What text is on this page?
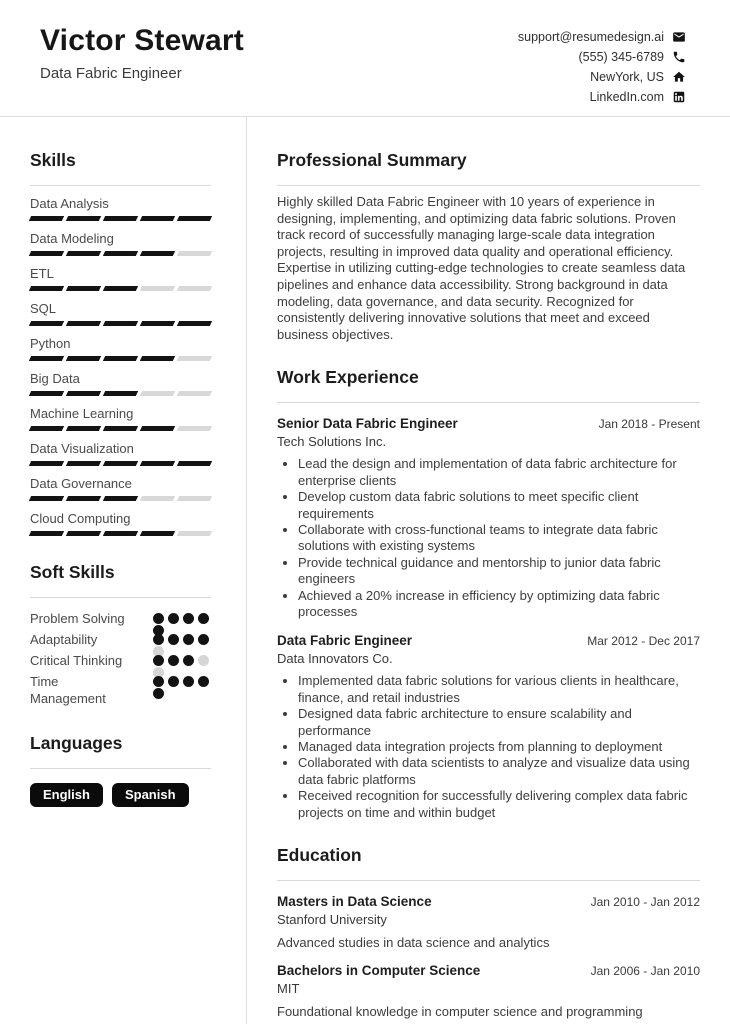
Victor Stewart
Data Fabric Engineer
support@resumedesign.ai
(555) 345-6789
NewYork, US
LinkedIn.com
Skills
Data Analysis
Data Modeling
ETL
SQL
Python
Big Data
Machine Learning
Data Visualization
Data Governance
Cloud Computing
Soft Skills
Problem Solving
Adaptability
Critical Thinking
Time Management
Languages
English	Spanish
Professional Summary

Highly skilled Data Fabric Engineer with 10 years of experience in designing, implementing, and optimizing data fabric solutions. Proven track record of successfully managing large-scale data integration projects, resulting in improved data quality and operational efficiency. Expertise in utilizing cutting-edge technologies to create seamless data pipelines and enhance data accessibility. Strong background in data modeling, data governance, and data security. Recognized for consistently delivering innovative solutions that meet and exceed business objectives.

Work Experience
Senior Data Fabric Engineer	Jan 2018 - Present
Tech Solutions Inc.
• Lead the design and implementation of data fabric architecture for enterprise clients
• Develop custom data fabric solutions to meet specific client requirements
• Collaborate with cross-functional teams to integrate data fabric solutions with existing systems
• Provide technical guidance and mentorship to junior data fabric engineers
• Achieved a 20% increase in efficiency by optimizing data fabric processes
Data Fabric Engineer	Mar 2012 - Dec 2017
Data Innovators Co.
• Implemented data fabric solutions for various clients in healthcare, finance, and retail industries
• Designed data fabric architecture to ensure scalability and performance
• Managed data integration projects from planning to deployment
• Collaborated with data scientists to analyze and visualize data using data fabric platforms
• Received recognition for successfully delivering complex data fabric projects on time and within budget
Education
Masters in Data Science	Jan 2010 - Jan 2012
Stanford University
Advanced studies in data science and analytics
Bachelors in Computer Science	Jan 2006 - Jan 2010
MIT
Foundational knowledge in computer science and programming
